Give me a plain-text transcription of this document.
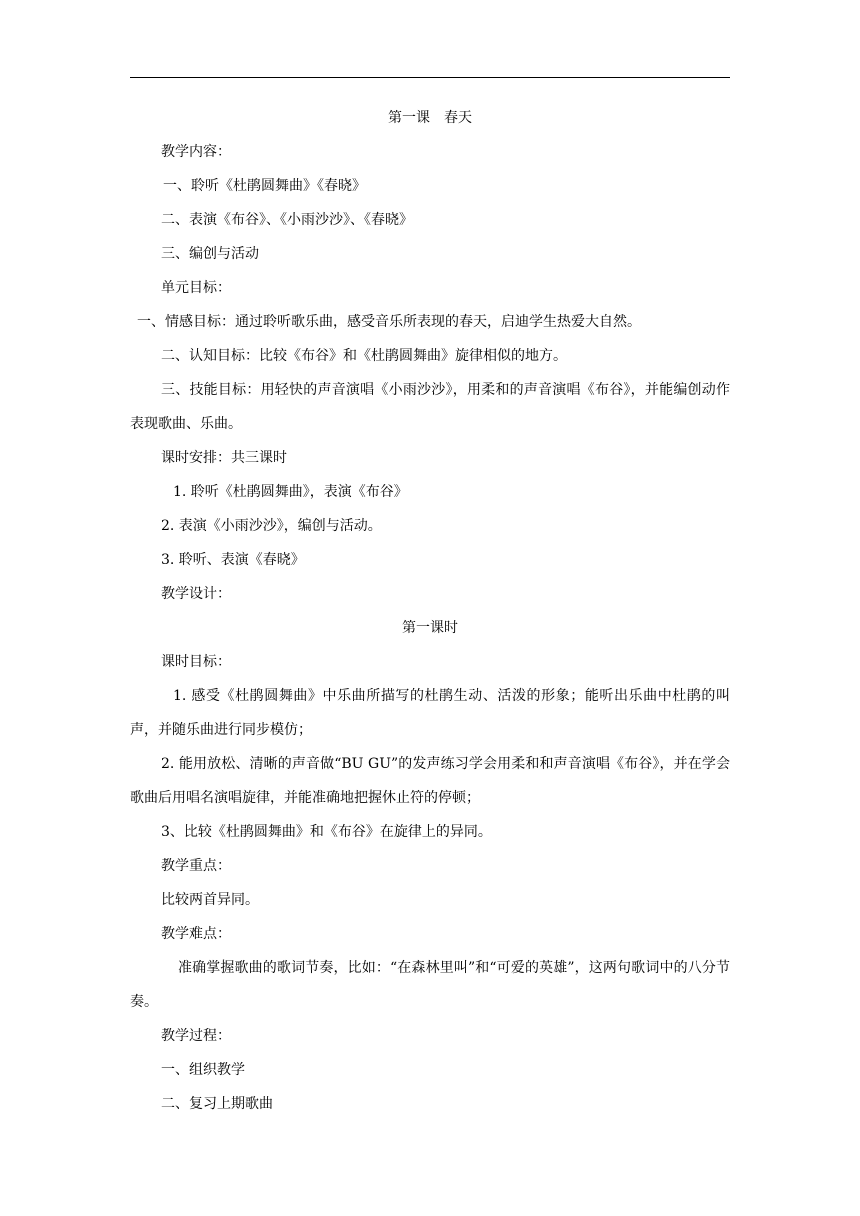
第一课　春天

教学内容：

一、聆听《杜鹃圆舞曲》《春晓》

二、表演《布谷》、《小雨沙沙》、《春晓》

三、编创与活动

单元目标：

一、情感目标：通过聆听歌乐曲，感受音乐所表现的春天，启迪学生热爱大自然。

二、认知目标：比较《布谷》和《杜鹃圆舞曲》旋律相似的地方。

三、技能目标：用轻快的声音演唱《小雨沙沙》，用柔和的声音演唱《布谷》，并能编创动作表现歌曲、乐曲。

课时安排：共三课时

1. 聆听《杜鹃圆舞曲》，表演《布谷》

2. 表演《小雨沙沙》，编创与活动。

3. 聆听、表演《春晓》

教学设计：

第一课时

课时目标：

1. 感受《杜鹃圆舞曲》中乐曲所描写的杜鹃生动、活泼的形象；能听出乐曲中杜鹃的叫声，并随乐曲进行同步模仿；

2. 能用放松、清晰的声音做“BU GU”的发声练习学会用柔和和声音演唱《布谷》，并在学会歌曲后用唱名演唱旋律，并能准确地把握休止符的停顿；

3、比较《杜鹃圆舞曲》和《布谷》在旋律上的异同。

教学重点：

比较两首异同。

教学难点：

准确掌握歌曲的歌词节奏，比如：“在森林里叫”和“可爱的英雄”，这两句歌词中的八分节奏。

教学过程：

一、组织教学

二、复习上期歌曲
